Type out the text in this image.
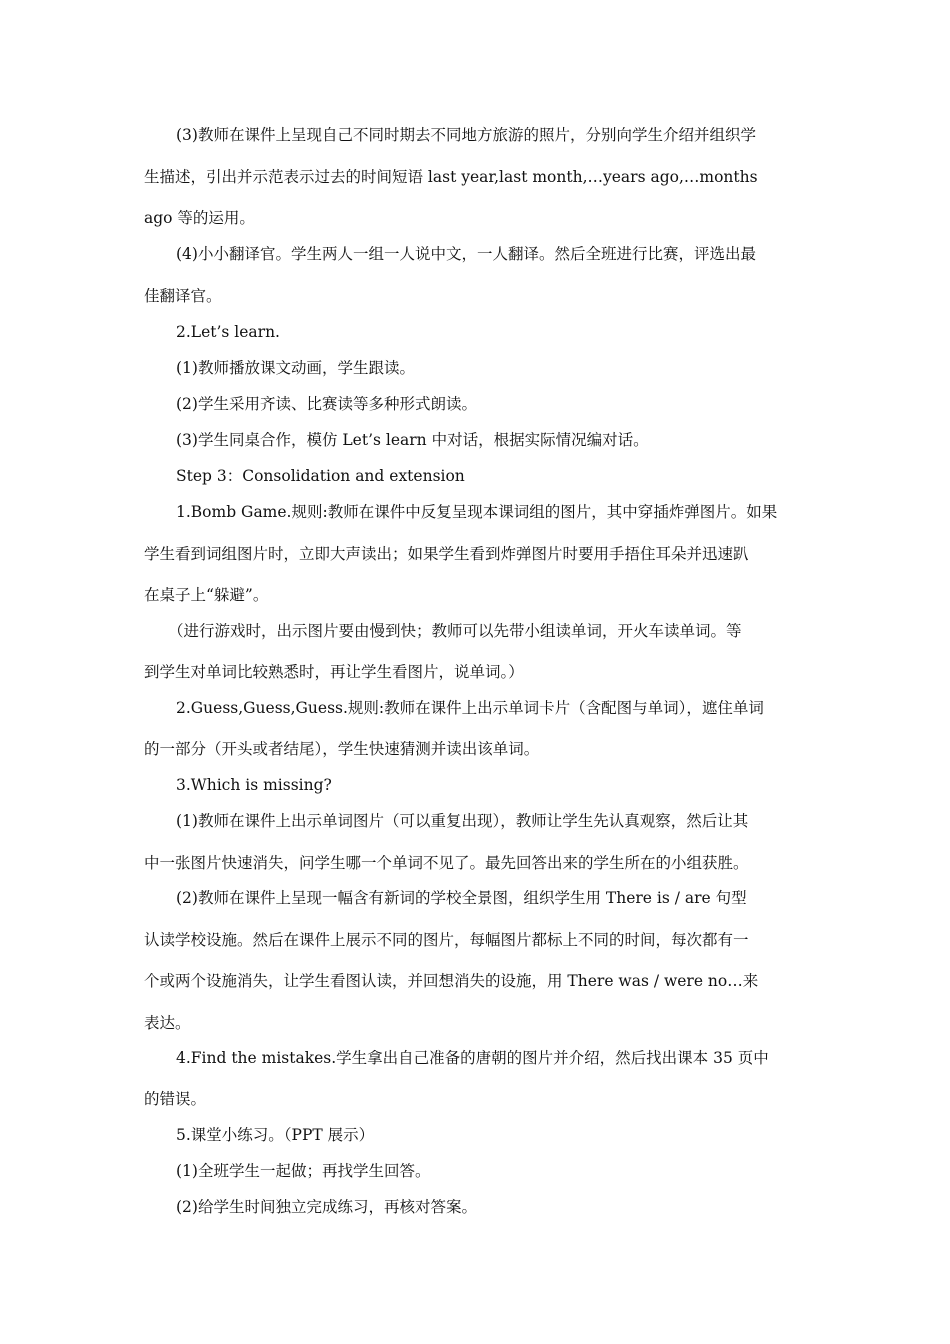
(3)教师在课件上呈现自己不同时期去不同地方旅游的照片，分别向学生介绍并组织学
生描述，引出并示范表示过去的时间短语 last year,last month,…years ago,…months
ago 等的运用。
(4)小小翻译官。学生两人一组一人说中文，一人翻译。然后全班进行比赛，评选出最
佳翻译官。
2.Let’s learn.
(1)教师播放课文动画，学生跟读。
(2)学生采用齐读、比赛读等多种形式朗读。
(3)学生同桌合作，模仿 Let’s learn 中对话，根据实际情况编对话。
Step 3：Consolidation and extension
1.Bomb Game.规则:教师在课件中反复呈现本课词组的图片，其中穿插炸弹图片。如果
学生看到词组图片时，立即大声读出；如果学生看到炸弹图片时要用手捂住耳朵并迅速趴
在桌子上“躲避”。
（进行游戏时，出示图片要由慢到快；教师可以先带小组读单词，开火车读单词。等
到学生对单词比较熟悉时，再让学生看图片，说单词。）
2.Guess,Guess,Guess.规则:教师在课件上出示单词卡片（含配图与单词），遮住单词
的一部分（开头或者结尾），学生快速猜测并读出该单词。
3.Which is missing?
(1)教师在课件上出示单词图片（可以重复出现），教师让学生先认真观察，然后让其
中一张图片快速消失，问学生哪一个单词不见了。最先回答出来的学生所在的小组获胜。
(2)教师在课件上呈现一幅含有新词的学校全景图，组织学生用 There is / are 句型
认读学校设施。然后在课件上展示不同的图片，每幅图片都标上不同的时间，每次都有一
个或两个设施消失，让学生看图认读，并回想消失的设施，用 There was / were no…来
表达。
4.Find the mistakes.学生拿出自己准备的唐朝的图片并介绍，然后找出课本 35 页中
的错误。
5.课堂小练习。（PPT 展示）
(1)全班学生一起做；再找学生回答。
(2)给学生时间独立完成练习，再核对答案。
